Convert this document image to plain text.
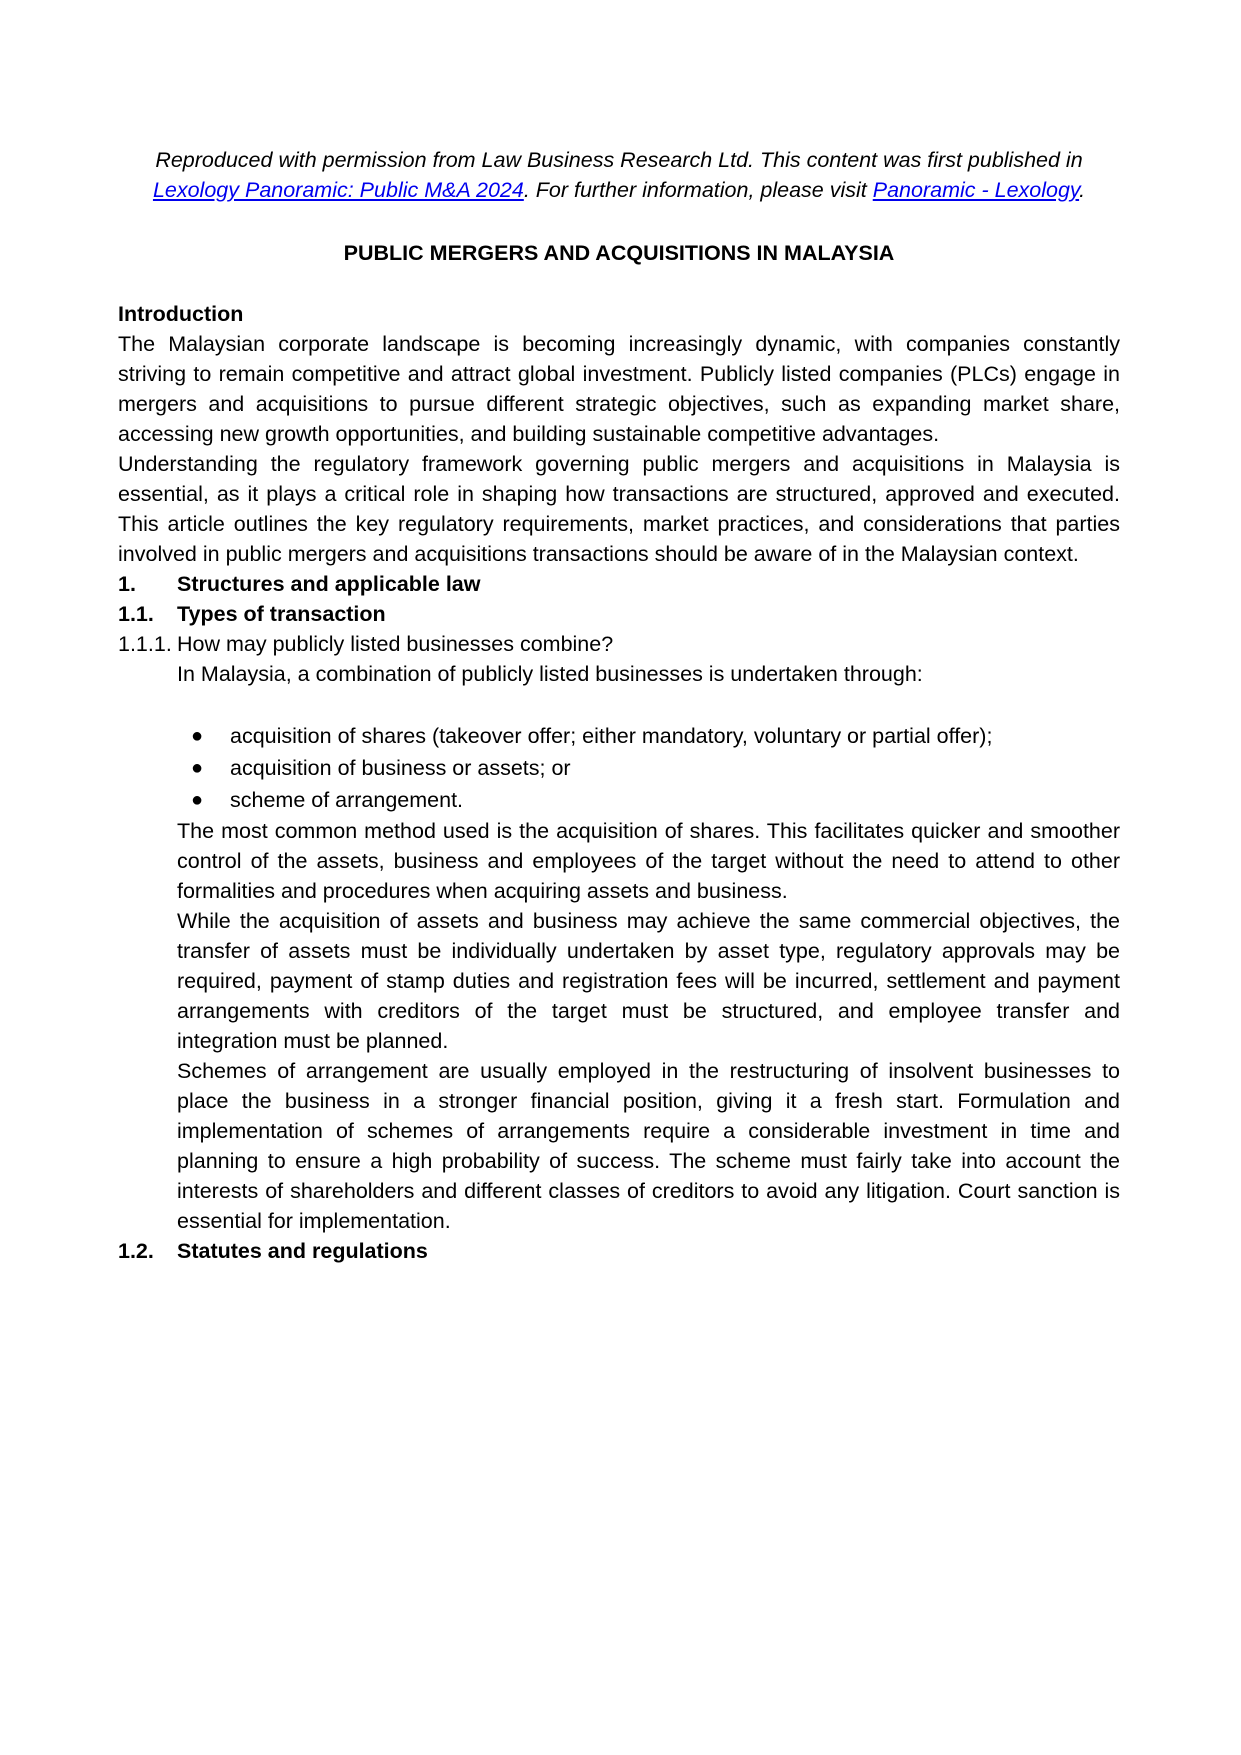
Reproduced with permission from Law Business Research Ltd. This content was first published in
Lexology Panoramic: Public M&A 2024. For further information, please visit Panoramic - Lexology.

PUBLIC MERGERS AND ACQUISITIONS IN MALAYSIA
Introduction

The Malaysian corporate landscape is becoming increasingly dynamic, with companies constantly striving to remain competitive and attract global investment. Publicly listed companies (PLCs) engage in mergers and acquisitions to pursue different strategic objectives, such as expanding market share, accessing new growth opportunities, and building sustainable competitive advantages.

Understanding the regulatory framework governing public mergers and acquisitions in Malaysia is essential, as it plays a critical role in shaping how transactions are structured, approved and executed. This article outlines the key regulatory requirements, market practices, and considerations that parties involved in public mergers and acquisitions transactions should be aware of in the Malaysian context.

1.	Structures and applicable law
1.1.	Types of transaction
1.1.1. How may publicly listed businesses combine?

In Malaysia, a combination of publicly listed businesses is undertaken through:

●	acquisition of shares (takeover offer; either mandatory, voluntary or partial offer);
●	acquisition of business or assets; or
●	scheme of arrangement.

The most common method used is the acquisition of shares. This facilitates quicker and smoother control of the assets, business and employees of the target without the need to attend to other formalities and procedures when acquiring assets and business.

While the acquisition of assets and business may achieve the same commercial objectives, the transfer of assets must be individually undertaken by asset type, regulatory approvals may be required, payment of stamp duties and registration fees will be incurred, settlement and payment arrangements with creditors of the target must be structured, and employee transfer and integration must be planned.

Schemes of arrangement are usually employed in the restructuring of insolvent businesses to place the business in a stronger financial position, giving it a fresh start. Formulation and implementation of schemes of arrangements require a considerable investment in time and planning to ensure a high probability of success. The scheme must fairly take into account the interests of shareholders and different classes of creditors to avoid any litigation. Court sanction is essential for implementation.

1.2.	Statutes and regulations
